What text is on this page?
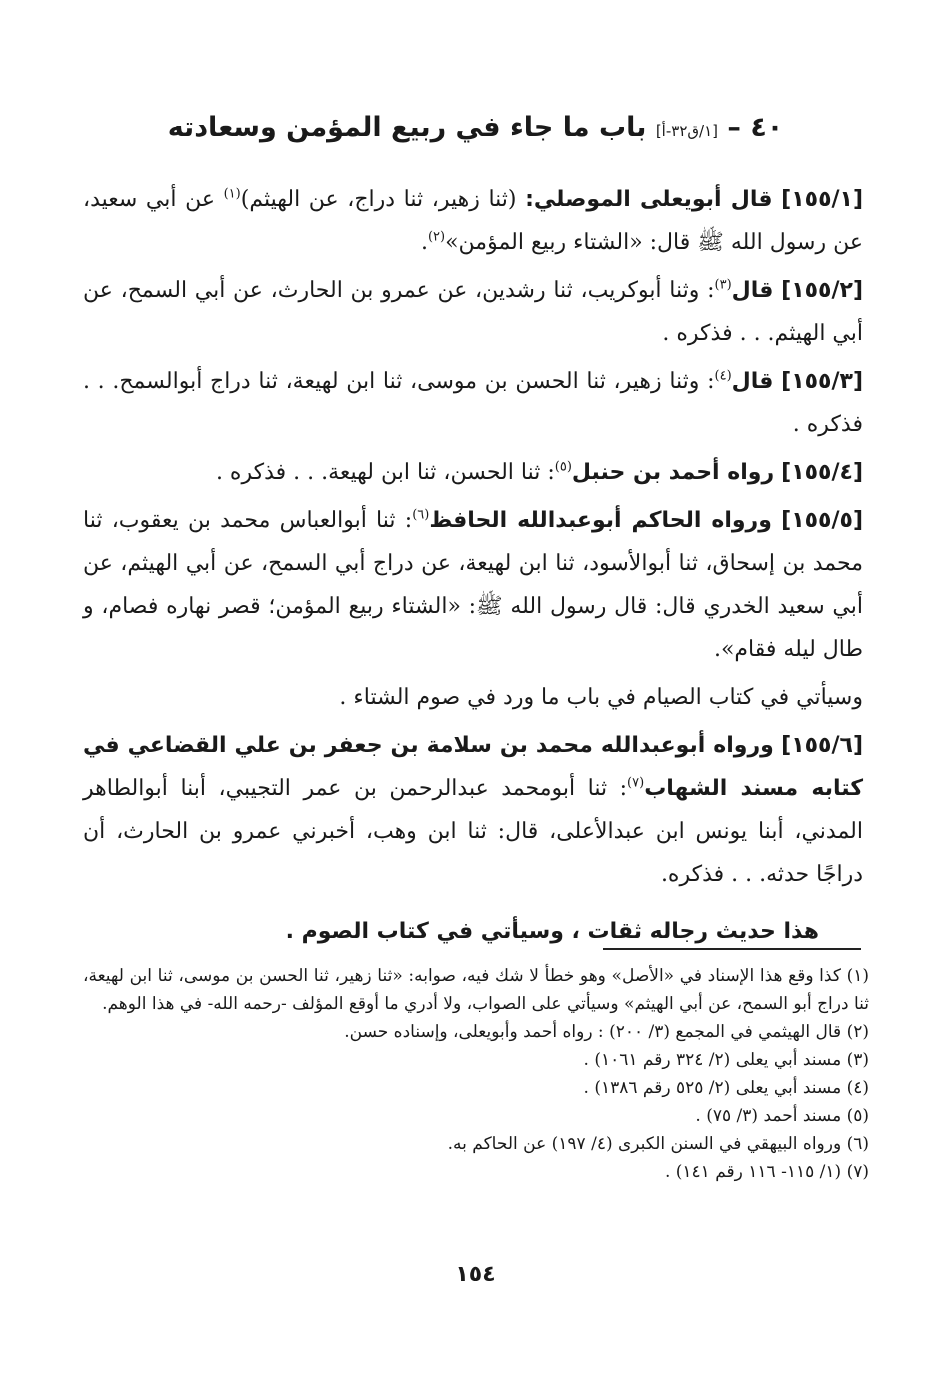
٤٠ – [١/ق٣٢-أ] باب ما جاء في ربيع المؤمن وسعادته

[١٥٥/١] قال أبويعلى الموصلي: (ثنا زهير، ثنا دراج، عن الهيثم)$^{(١)}$ عن أبي سعيد، عن رسول الله ﷺ قال: «الشتاء ربيع المؤمن»$^{(٢)}$.

[١٥٥/٢] قال$^{(٣)}$: وثنا أبوكريب، ثنا رشدين، عن عمرو بن الحارث، عن أبي السمح، عن أبي الهيثم. . . فذكره .

[١٥٥/٣] قال$^{(٤)}$: وثنا زهير، ثنا الحسن بن موسى، ثنا ابن لهيعة، ثنا دراج أبوالسمح. . . فذكره .

[١٥٥/٤] رواه أحمد بن حنبل$^{(٥)}$: ثنا الحسن، ثنا ابن لهيعة. . . فذكره .

[١٥٥/٥] ورواه الحاكم أبوعبدالله الحافظ$^{(٦)}$: ثنا أبوالعباس محمد بن يعقوب، ثنا محمد بن إسحاق، ثنا أبوالأسود، ثنا ابن لهيعة، عن دراج أبي السمح، عن أبي الهيثم، عن أبي سعيد الخدري قال: قال رسول الله ﷺ: «الشتاء ربيع المؤمن؛ قصر نهاره فصام، و طال ليله فقام».

وسيأتي في كتاب الصيام في باب ما ورد في صوم الشتاء .

[١٥٥/٦] ورواه أبوعبدالله محمد بن سلامة بن جعفر بن علي القضاعي في كتابه مسند الشهاب$^{(٧)}$: ثنا أبومحمد عبدالرحمن بن عمر التجيبي، أبنا أبوالطاهر المدني، أبنا يونس ابن عبدالأعلى، قال: ثنا ابن وهب، أخبرني عمرو بن الحارث، أن دراجًا حدثه. . . فذكره.

هذا حديث رجاله ثقات ، وسيأتي في كتاب الصوم .

(١) كذا وقع هذا الإسناد في «الأصل» وهو خطأ لا شك فيه، صوابه: «ثنا زهير، ثنا الحسن بن موسى، ثنا ابن لهيعة، ثنا دراج أبو السمح، عن أبي الهيثم» وسيأتي على الصواب، ولا أدري ما أوقع المؤلف -رحمه الله- في هذا الوهم.

(٢) قال الهيثمي في المجمع (٣/ ٢٠٠) : رواه أحمد وأبويعلى، وإسناده حسن.

(٣) مسند أبي يعلى (٢/ ٣٢٤ رقم ١٠٦١) .

(٤) مسند أبي يعلى (٢/ ٥٢٥ رقم ١٣٨٦) .

(٥) مسند أحمد (٣/ ٧٥) .

(٦) ورواه البيهقي في السنن الكبرى (٤/ ١٩٧) عن الحاكم به.

(٧) (١/ ١١٥- ١١٦ رقم ١٤١) .

١٥٤
